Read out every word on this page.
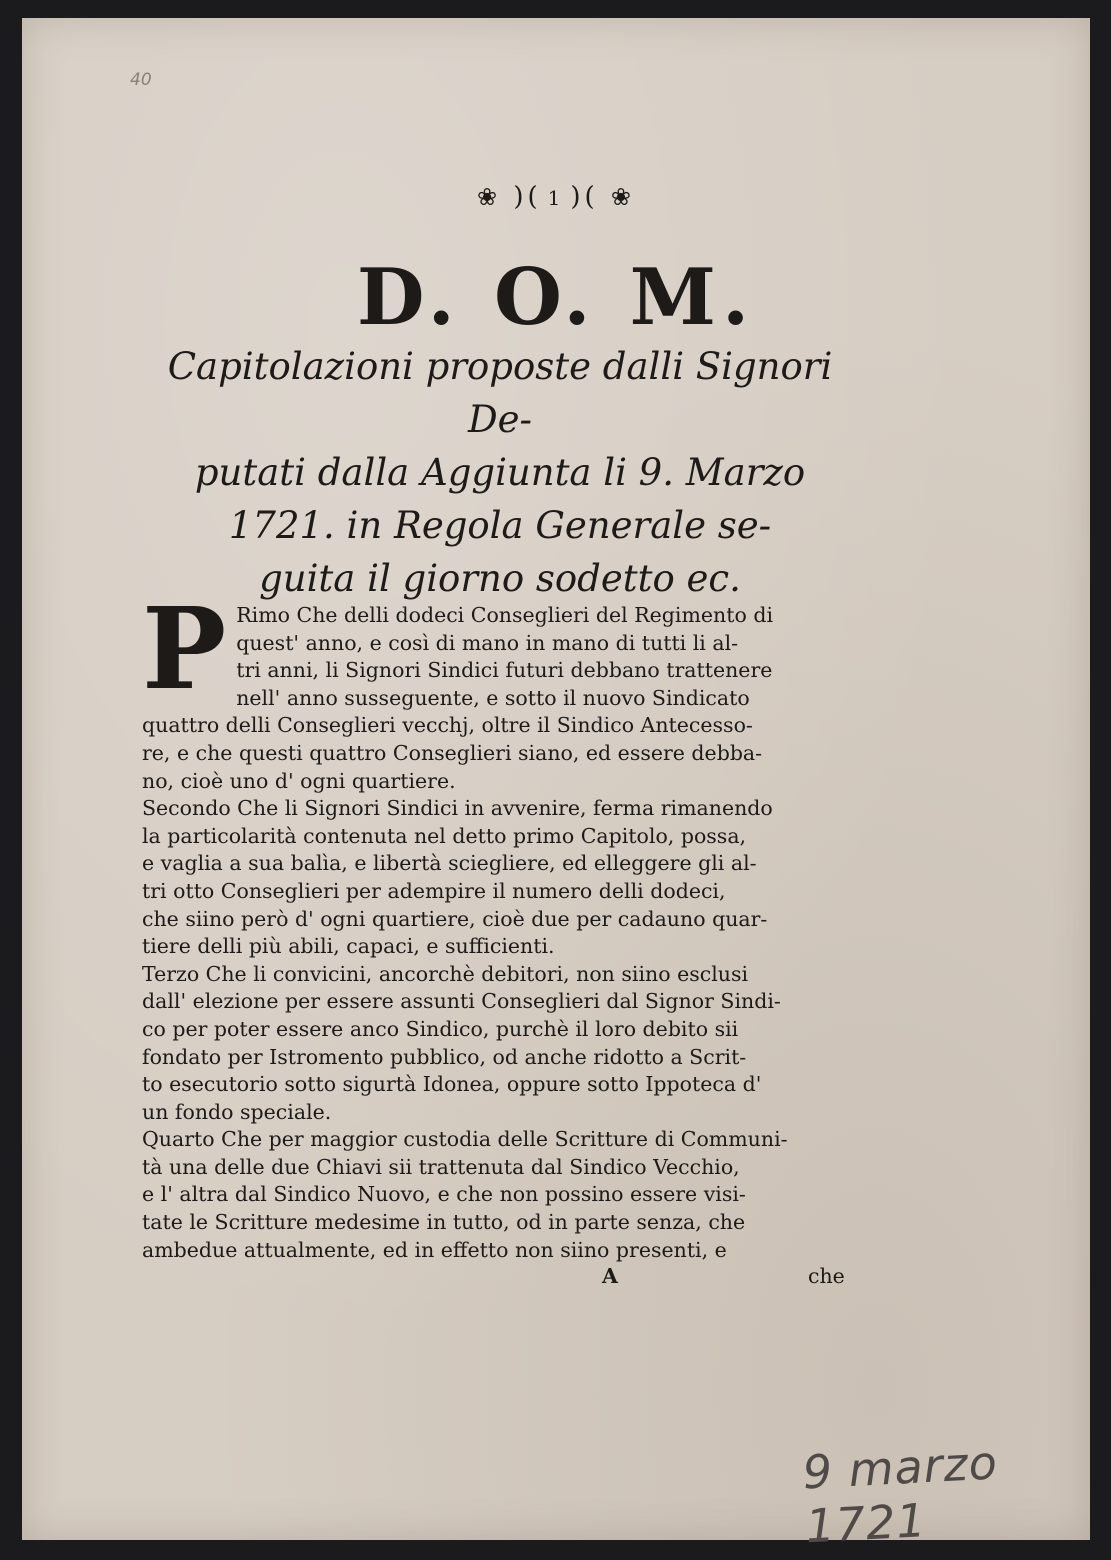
40
❀ )( 1 )( ❀
D. O. M.
Capitolazioni proposte dalli Signori De-
putati dalla Aggiunta li 9. Marzo
1721. in Regola Generale se-
guita il giorno sodetto ec.
P Rimo Che delli dodeci Conseglieri del Regimento di
quest' anno, e così di mano in mano di tutti li al-
tri anni, li Signori Sindici futuri debbano trattenere
nell' anno susseguente, e sotto il nuovo Sindicato
quattro delli Conseglieri vecchj, oltre il Sindico Antecesso-
re, e che questi quattro Conseglieri siano, ed essere debba-
no, cioè uno d' ogni quartiere.
Secondo Che li Signori Sindici in avvenire, ferma rimanendo
la particolarità contenuta nel detto primo Capitolo, possa,
e vaglia a sua balìa, e libertà sciegliere, ed elleggere gli al-
tri otto Conseglieri per adempire il numero delli dodeci,
che siino però d' ogni quartiere, cioè due per cadauno quar-
tiere delli più abili, capaci, e sufficienti.
Terzo Che li convicini, ancorchè debitori, non siino esclusi
dall' elezione per essere assunti Conseglieri dal Signor Sindi-
co per poter essere anco Sindico, purchè il loro debito sii
fondato per Istromento pubblico, od anche ridotto a Scrit-
to esecutorio sotto sigurtà Idonea, oppure sotto Ippoteca d'
un fondo speciale.
Quarto Che per maggior custodia delle Scritture di Communi-
tà una delle due Chiavi sii trattenuta dal Sindico Vecchio,
e l' altra dal Sindico Nuovo, e che non possino essere visi-
tate le Scritture medesime in tutto, od in parte senza, che
ambedue attualmente, ed in effetto non siino presenti, e
A	che
9 marzo 1721
